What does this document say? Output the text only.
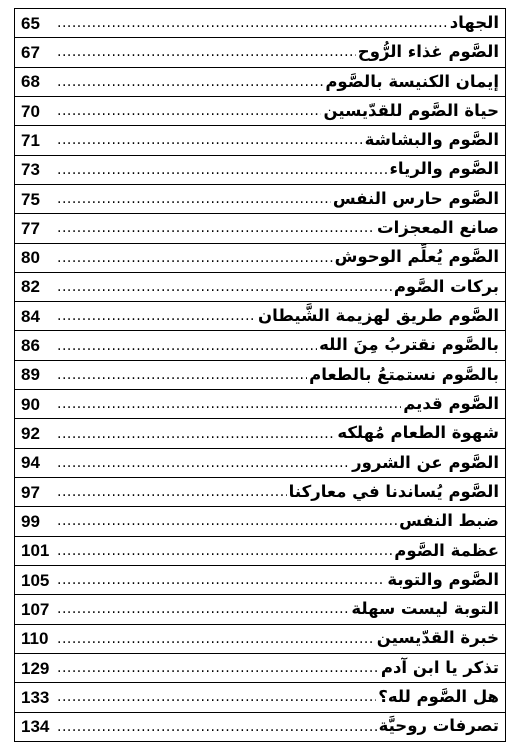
الجهاد
.....
65
الصَّوم غذاء الرُّوح
.....
67
إيمان الكنيسة بالصَّوم
.....
68
حياة الصَّوم للقدّيسين
.....
70
الصَّوم والبشاشة
.....
71
الصَّوم والرياء
.....
73
الصَّوم حارس النفس
.....
75
صانع المعجزات
.....
77
الصَّوم يُعلِّم الوحوش
.....
80
بركات الصَّوم
.....
82
الصَّوم طريق لهزيمة الشَّيطان
.....
84
بالصَّوم نقتربُ مِنَ الله
.....
86
بالصَّوم نستمتعُ بالطعام
.....
89
الصَّوم قديم
.....
90
شهوة الطعام مُهلكه
.....
92
الصَّوم عن الشرور
.....
94
الصَّوم يُساندنا في معاركنا
.....
97
ضبط النفس
.....
99
عظمة الصَّوم
.....
101
الصَّوم والتوبة
.....
105
التوبة ليست سهلة
.....
107
خبرة القدّيسين
.....
110
تذكر يا ابن آدم
.....
129
هل الصَّوم لله؟
.....
133
تصرفات روحيَّة
.....
134
